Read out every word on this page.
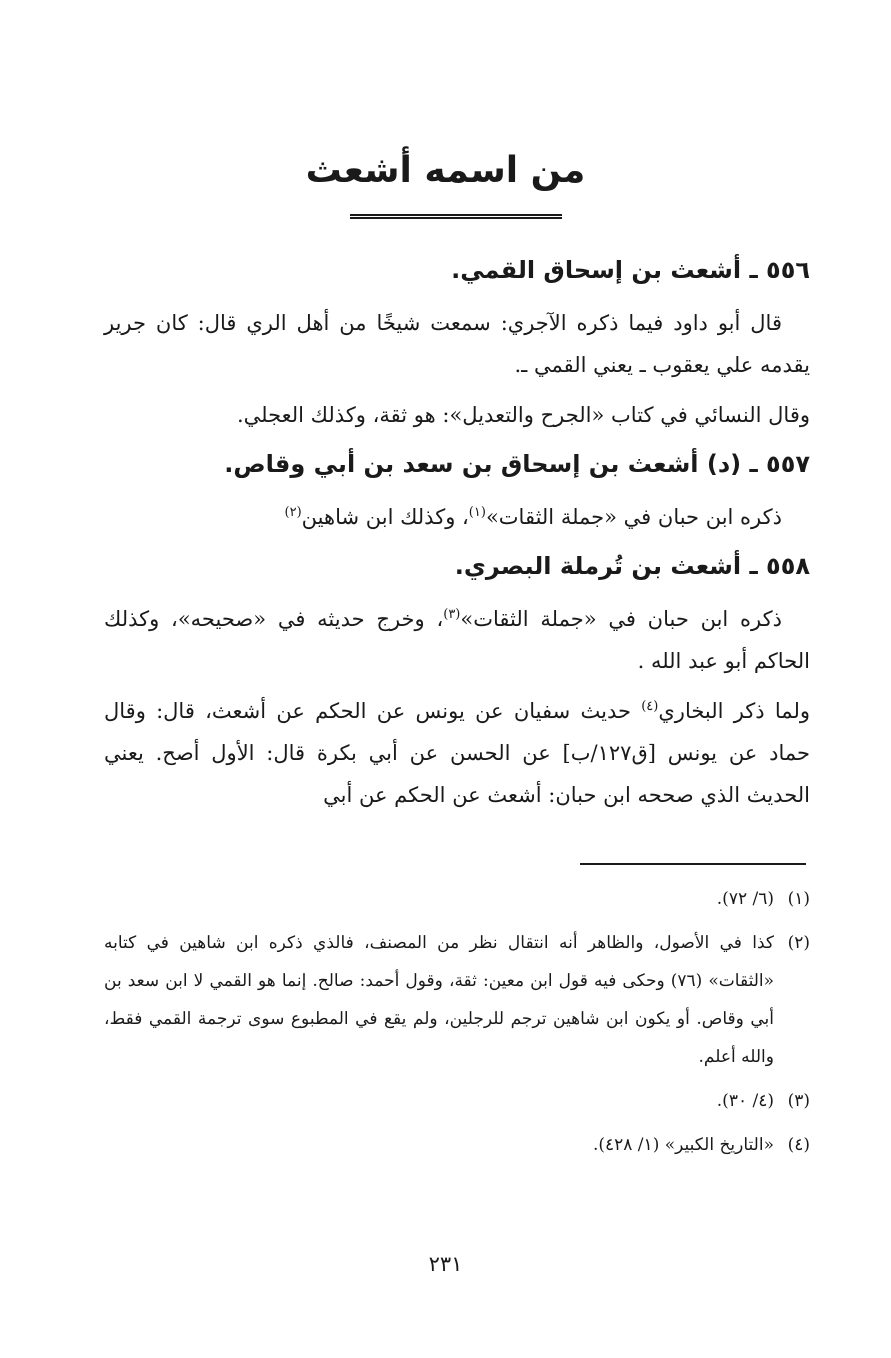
من اسمه أشعث

٥٥٦ ـ أشعث بن إسحاق القمي.

قال أبو داود فيما ذكره الآجري: سمعت شيخًا من أهل الري قال: كان جرير يقدمه علي يعقوب ـ يعني القمي ـ.

وقال النسائي في كتاب «الجرح والتعديل»: هو ثقة، وكذلك العجلي.

٥٥٧ ـ (د) أشعث بن إسحاق بن سعد بن أبي وقاص.

ذكره ابن حبان في «جملة الثقات»$^{(١)}$، وكذلك ابن شاهين$^{(٢)}$

٥٥٨ ـ أشعث بن تُرملة البصري.

ذكره ابن حبان في «جملة الثقات»$^{(٣)}$، وخرج حديثه في «صحيحه»، وكذلك الحاكم أبو عبد الله .

ولما ذكر البخاري$^{(٤)}$ حديث سفيان عن يونس عن الحكم عن أشعث، قال: وقال حماد عن يونس [ق١٢٧/ب] عن الحسن عن أبي بكرة قال: الأول أصح. يعني الحديث الذي صححه ابن حبان: أشعث عن الحكم عن أبي

(١)
(٦/ ٧٢).
(٢)
كذا في الأصول، والظاهر أنه انتقال نظر من المصنف، فالذي ذكره ابن شاهين في كتابه «الثقات» (٧٦) وحكى فيه قول ابن معين: ثقة، وقول أحمد: صالح. إنما هو القمي لا ابن سعد بن أبي وقاص. أو يكون ابن شاهين ترجم للرجلين، ولم يقع في المطبوع سوى ترجمة القمي فقط، والله أعلم.
(٣)
(٤/ ٣٠).
(٤)
«التاريخ الكبير» (١/ ٤٢٨).
٢٣١
